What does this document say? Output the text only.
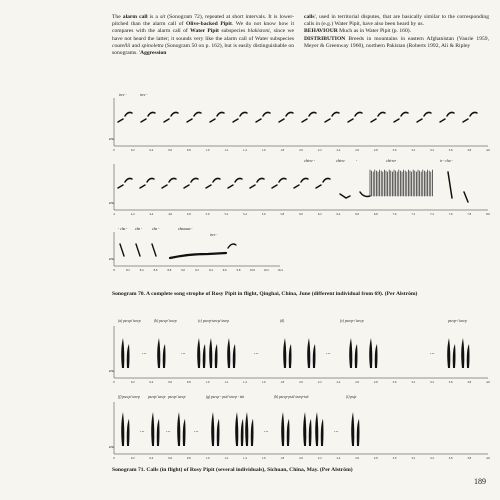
The alarm call is a sit (Sonogram 72), repeated at short intervals. It is lower-pitched than the alarm call of Olive-backed Pipit. We do not know how it compares with the alarm call of Water Pipit subspecies blakistoni, since we have not heard the latter; it sounds very like the alarm call of Water subspecies coutellii and spinoletta (Sonogram 50 on p. 162), but is easily distinguishable on sonograms. 'Aggression

calls', used in territorial disputes, that are basically similar to the corresponding calls in (e.g.) Water Pipit, have also been heard by us.

BEHAVIOUR Much as in Water Pipit (p. 160).

DISTRIBUTION Breeds in mountains in eastern Afghanistan (Vaurie 1959, Meyer & Greenway 1960), northern Pakistan (Roberts 1992, Ali & Ripley

tree -	tree -
kHz
0	0.2	0.4	0.6	0.8	1.0	1.2	1.4	1.6	1.8	2.0	2.2	2.4	2.6	2.8	3.0	3.2	3.4	3.6	3.8	4.0
chiree -	chiree	-	chirrer	tr - cha -
kHz
4	4.2	4.4	4.6	4.8	5.0	5.2	5.4	5.6	5.8	6.0	6.2	6.4	6.6	6.8	7.0	7.2	7.4	7.6	7.8	8.0
- cha - cha -	cha -	chaaaaa -
tree -
kHz
8	8.2	8.4	8.6	8.8	9.0	9.2	9.4	9.6	9.8	10.0	10.2	10.4
Sonogram 70. A complete song strophe of Rosy Pipit in flight, Qinghai, China, June (different individual from 69). (Per Alström)
(a) psecp/ tzeep	(b) psecp/ tzeep	(c) psecp-tzeep/ tzeep	(d)	(e) psecp-/ tzeep	psecp-/ tzeep
kHz
0	0.2	0.4	0.6	0.8	1.0	1.2	1.4	1.6	1.8	2.0	2.2	2.4	2.6	2.8	3.0	3.2	3.4	3.6	3.8	4.0
...	...	...	...	...
(f) psecp/ tzeep psecp/ tzeep psecp/ tzeep	(g) psecp - psit/ tzeep - tsit	(h) psecp-psit/ tzeep-tsit	(i) psip
kHz
0	0.2	0.4	0.6	0.8	1.0	1.2	1.4	1.6	1.8	2.0	2.2	2.4	2.6	2.8	3.0	3.2	3.4	3.6	3.8	4.0
...	...	...	...	...
Sonogram 71. Calls (in flight) of Rosy Pipit (several individuals), Sichuan, China, May. (Per Alström)
189
